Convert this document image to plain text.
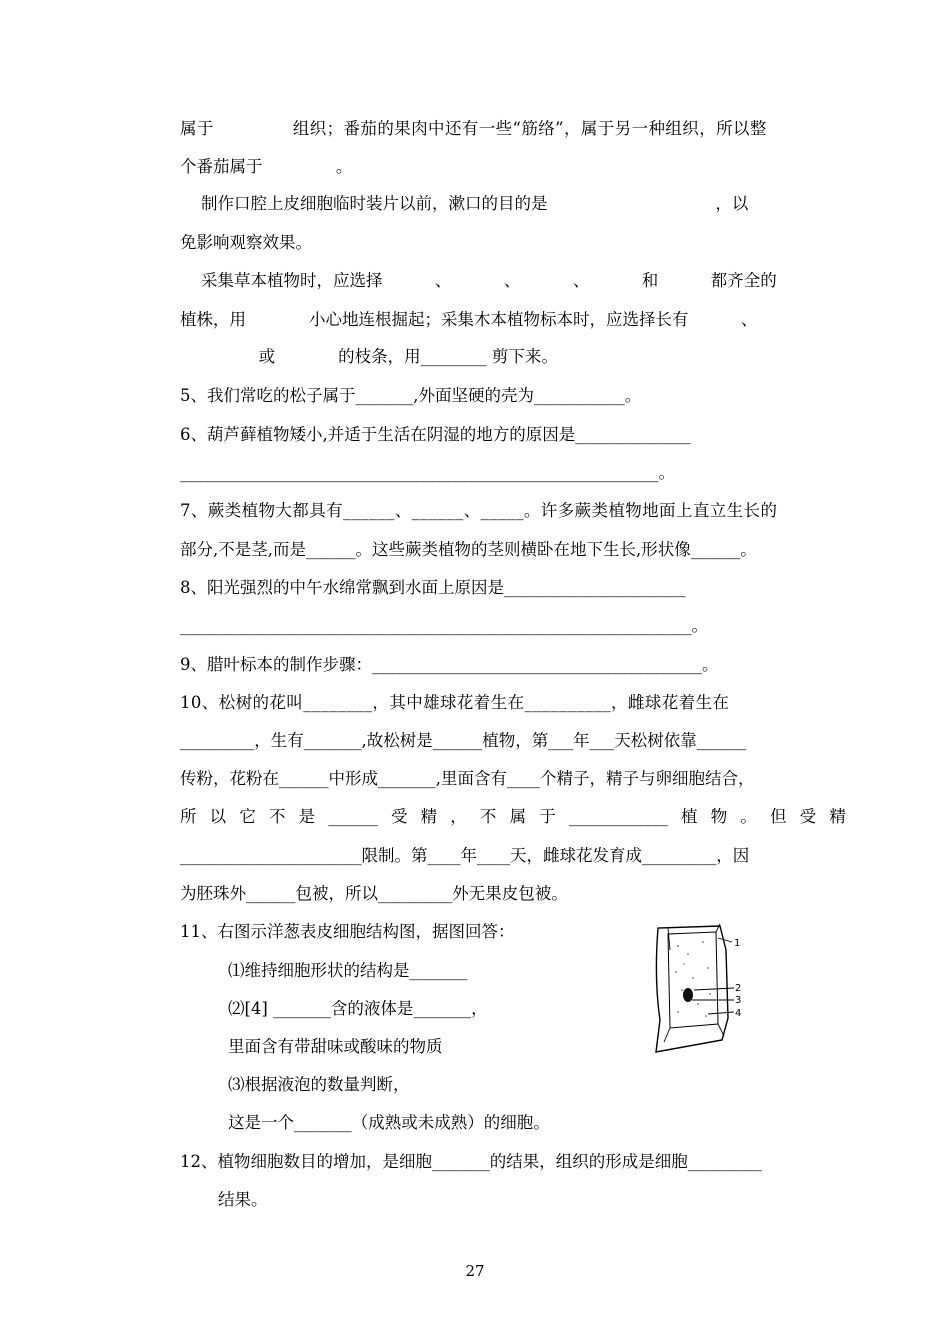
属于              组织；番茄的果肉中还有一些“筋络”，属于另一种组织，所以整
个番茄属于              。
制作口腔上皮细胞临时装片以前，漱口的目的是                                ，以
免影响观察效果。
采集草本植物时，应选择          、          、          、          和          都齐全的
植株，用            小心地连根掘起；采集木本植物标本时，应选择长有          、
或            的枝条，用________ 剪下来。
5、我们常吃的松子属于_______,外面坚硬的壳为___________。
6、葫芦藓植物矮小,并适于生活在阴湿的地方的原因是______________
__________________________________________________________。
7、蕨类植物大都具有______、______、_____。许多蕨类植物地面上直立生长的
部分,不是茎,而是______。这些蕨类植物的茎则横卧在地下生长,形状像______。
8、阳光强烈的中午水绵常飘到水面上原因是______________________
______________________________________________________________。
9、腊叶标本的制作步骤：________________________________________。
10、松树的花叫________，其中雄球花着生在__________，雌球花着生在
_________，生有_______,故松树是______植物，第___年___天松树依靠______
传粉，花粉在______中形成_______,里面含有____个精子，精子与卵细胞结合，
所 以 它 不 是 ______ 受 精 ， 不 属 于 ____________ 植 物 。 但 受 精
______________________限制。第____年____天，雌球花发育成_________，因
为胚珠外______包被，所以_________外无果皮包被。
11、右图示洋葱表皮细胞结构图，据图回答：
⑴维持细胞形状的结构是_______
⑵[4] _______含的液体是_______，
里面含有带甜味或酸味的物质
⑶根据液泡的数量判断，
这是一个_______（成熟或未成熟）的细胞。
12、植物细胞数目的增加，是细胞_______的结果，组织的形成是细胞_________
结果。
1
2
3
4
27
